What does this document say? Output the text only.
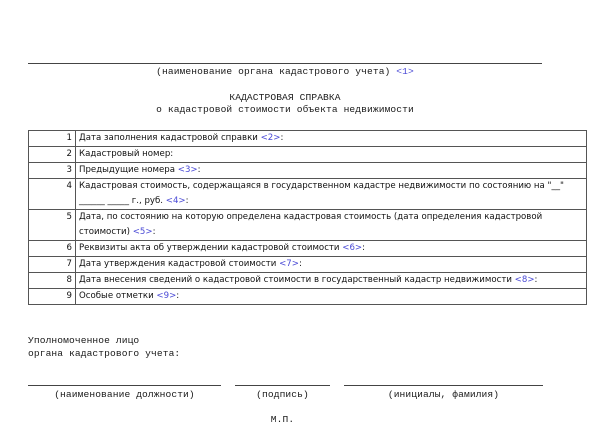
(наименование органа кадастрового учета) <1>
КАДАСТРОВАЯ СПРАВКА
о кадастровой стоимости объекта недвижимости
1	Дата заполнения кадастровой справки <2>:
2	Кадастровый номер:
3	Предыдущие номера <3>:
4	Кадастровая стоимость, содержащаяся в государственном кадастре недвижимости по состоянию на "__" ______ _____ г., руб. <4>:
5	Дата, по состоянию на которую определена кадастровая стоимость (дата определения кадастровой стоимости) <5>:
6	Реквизиты акта об утверждении кадастровой стоимости <6>:
7	Дата утверждения кадастровой стоимости <7>:
8	Дата внесения сведений о кадастровой стоимости в государственный кадастр недвижимости <8>:
9	Особые отметки <9>:
Уполномоченное лицо
органа кадастрового учета:
(наименование должности)	(подпись)	(инициалы, фамилия)
М.П.
